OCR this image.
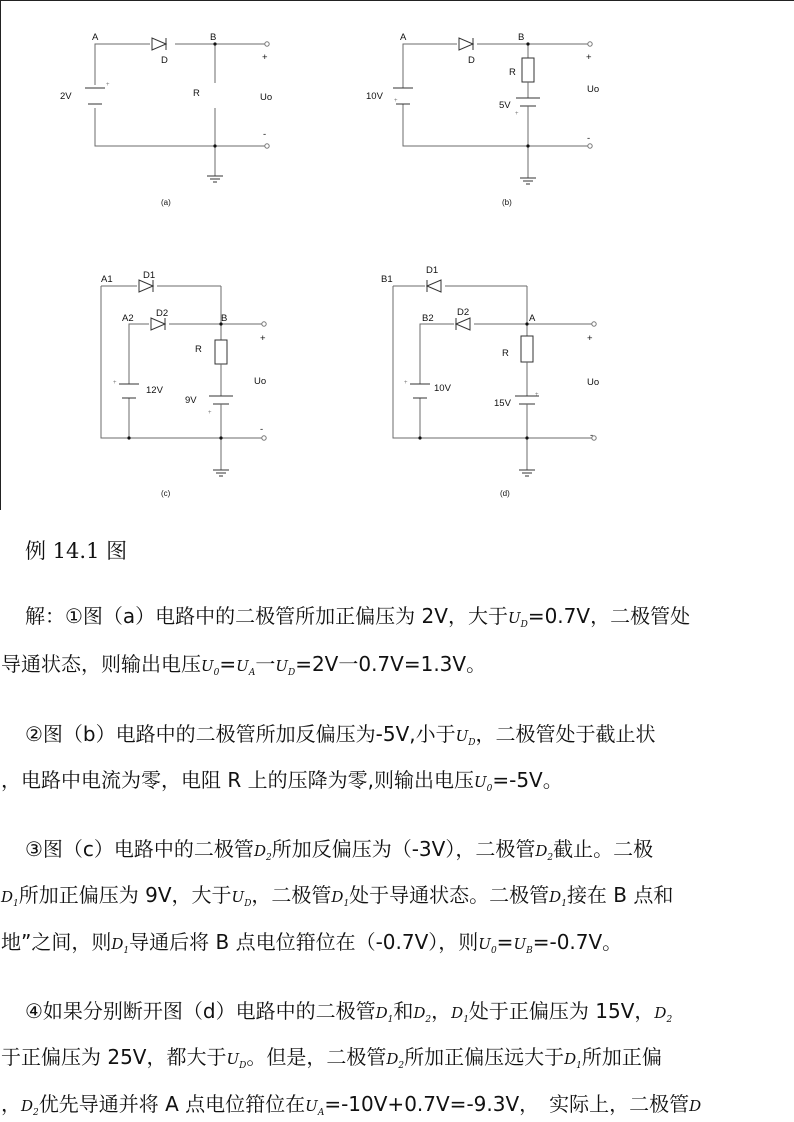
+
A	B
D
R
2V	Uo
+
-
(a)
+
+
A	B
D
R
10V
5V
Uo
+
-
(b)
+
+
A1	D1
A2 D2	B
R
12V
9V
Uo
+
-
(c)
+
+
B1
D1
B2
D2
A
R
10V
15V
Uo
+
-
(d)
例 14.1 图
解：①图（a）电路中的二极管所加正偏压为 2V，大于$U_D=0.7V$，二极管处
导通状态，则输出电压$U_0=U_A$一$U_D=2V$一0.7V=1.3V。
②图（b）电路中的二极管所加反偏压为-5V,小于$U_D$，二极管处于截止状
，电路中电流为零，电阻 R 上的压降为零,则输出电压$U_0=-5V$。
③图（c）电路中的二极管$D_2$所加反偏压为（-3V），二极管$D_2$截止。二极
$D_1$所加正偏压为 9V，大于$U_D$，二极管$D_1$处于导通状态。二极管$D_1$接在 B 点和
地”之间，则$D_1$导通后将 B 点电位箝位在（-0.7V），则$U_0=U_B=-0.7V$。
④如果分别断开图（d）电路中的二极管$D_1$和$D_2$，$D_1$处于正偏压为 15V，$D_2$
于正偏压为 25V，都大于$U_D$。但是，二极管$D_2$所加正偏压远大于$D_1$所加正偏
，$D_2$优先导通并将 A 点电位箝位在$U_A=-10V+0.7V=-9.3V$，　实际上，二极管D
